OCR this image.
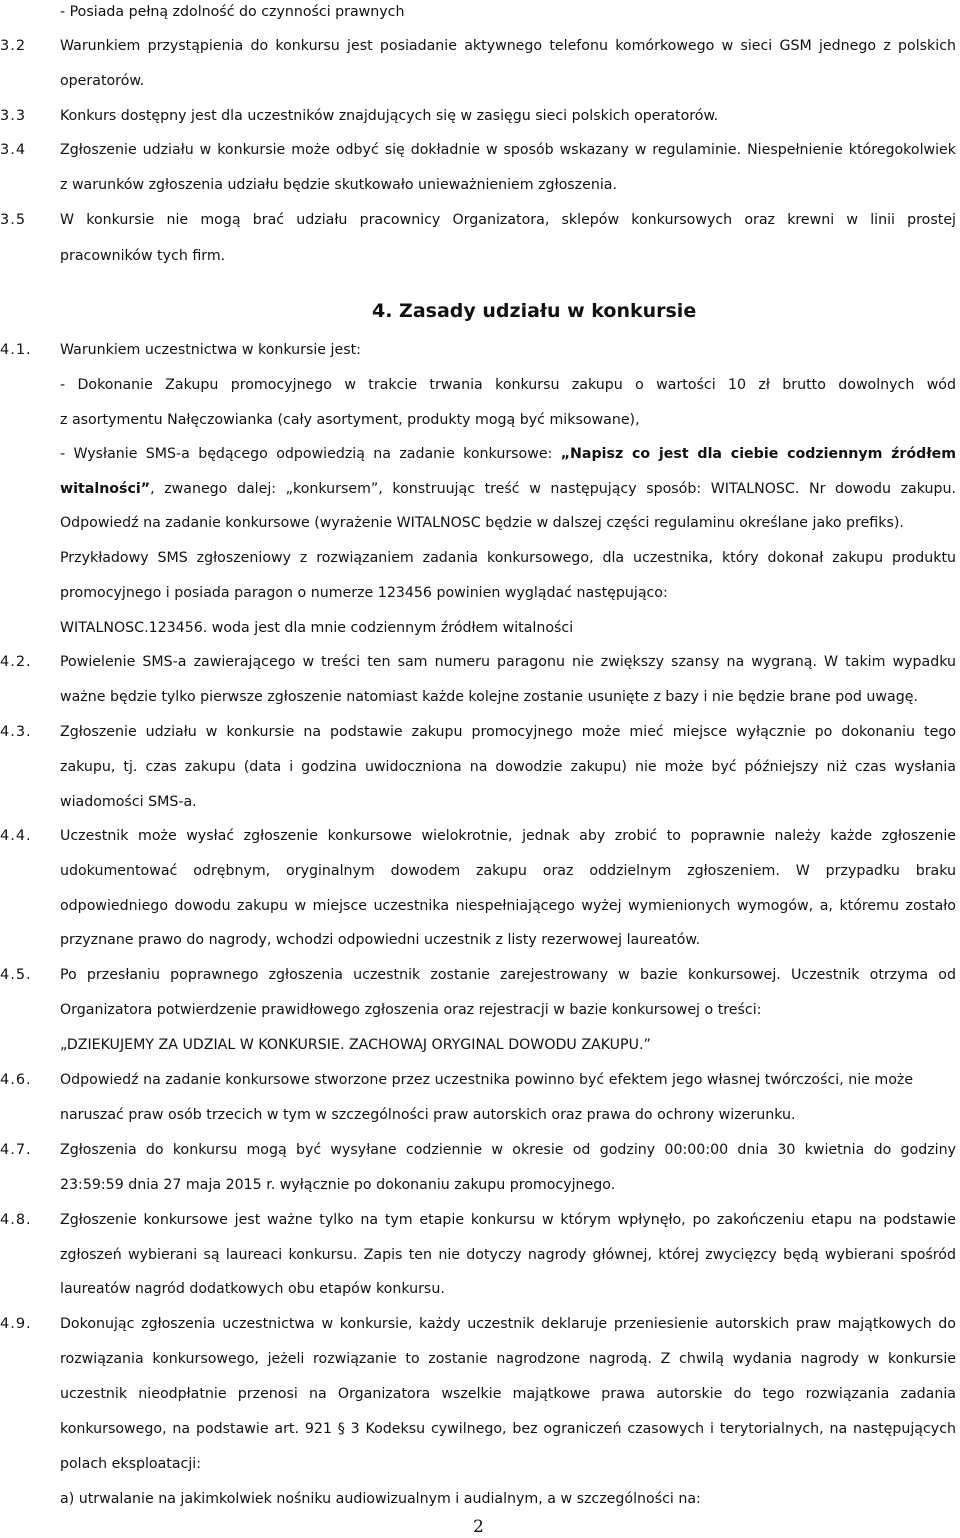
- Posiada pełną zdolność do czynności prawnych
3.2 Warunkiem przystąpienia do konkursu jest posiadanie aktywnego telefonu komórkowego w sieci GSM jednego z polskich
operatorów.
3.3 Konkurs dostępny jest dla uczestników znajdujących się w zasięgu sieci polskich operatorów.
3.4 Zgłoszenie udziału w konkursie może odbyć się dokładnie w sposób wskazany w regulaminie. Niespełnienie któregokolwiek
z warunków zgłoszenia udziału będzie skutkowało unieważnieniem zgłoszenia.
3.5 W konkursie nie mogą brać udziału pracownicy Organizatora, sklepów konkursowych oraz krewni w linii prostej
pracowników tych firm.
4. Zasady udziału w konkursie
4.1. Warunkiem uczestnictwa w konkursie jest:
- Dokonanie Zakupu promocyjnego w trakcie trwania konkursu zakupu o wartości 10 zł brutto dowolnych wód
z asortymentu Nałęczowianka (cały asortyment, produkty mogą być miksowane),
- Wysłanie SMS-a będącego odpowiedzią na zadanie konkursowe: „Napisz co jest dla ciebie codziennym źródłem
witalności”, zwanego dalej: „konkursem”, konstruując treść w następujący sposób: WITALNOSC. Nr dowodu zakupu.
Odpowiedź na zadanie konkursowe (wyrażenie WITALNOSC będzie w dalszej części regulaminu określane jako prefiks).
Przykładowy SMS zgłoszeniowy z rozwiązaniem zadania konkursowego, dla uczestnika, który dokonał zakupu produktu
promocyjnego i posiada paragon o numerze 123456 powinien wyglądać następująco:
WITALNOSC.123456. woda jest dla mnie codziennym źródłem witalności
4.2. Powielenie SMS-a zawierającego w treści ten sam numeru paragonu nie zwiększy szansy na wygraną. W takim wypadku
ważne będzie tylko pierwsze zgłoszenie natomiast każde kolejne zostanie usunięte z bazy i nie będzie brane pod uwagę.
4.3. Zgłoszenie udziału w konkursie na podstawie zakupu promocyjnego może mieć miejsce wyłącznie po dokonaniu tego
zakupu, tj. czas zakupu (data i godzina uwidoczniona na dowodzie zakupu) nie może być późniejszy niż czas wysłania
wiadomości SMS-a.
4.4. Uczestnik może wysłać zgłoszenie konkursowe wielokrotnie, jednak aby zrobić to poprawnie należy każde zgłoszenie
udokumentować odrębnym, oryginalnym dowodem zakupu oraz oddzielnym zgłoszeniem. W przypadku braku
odpowiedniego dowodu zakupu w miejsce uczestnika niespełniającego wyżej wymienionych wymogów, a, któremu zostało
przyznane prawo do nagrody, wchodzi odpowiedni uczestnik z listy rezerwowej laureatów.
4.5. Po przesłaniu poprawnego zgłoszenia uczestnik zostanie zarejestrowany w bazie konkursowej. Uczestnik otrzyma od
Organizatora potwierdzenie prawidłowego zgłoszenia oraz rejestracji w bazie konkursowej o treści:
„DZIEKUJEMY ZA UDZIAL W KONKURSIE. ZACHOWAJ ORYGINAL DOWODU ZAKUPU.”
4.6. Odpowiedź na zadanie konkursowe stworzone przez uczestnika powinno być efektem jego własnej twórczości, nie może
naruszać praw osób trzecich w tym w szczególności praw autorskich oraz prawa do ochrony wizerunku.
4.7. Zgłoszenia do konkursu mogą być wysyłane codziennie w okresie od godziny 00:00:00 dnia 30 kwietnia do godziny
23:59:59 dnia 27 maja 2015 r. wyłącznie po dokonaniu zakupu promocyjnego.
4.8. Zgłoszenie konkursowe jest ważne tylko na tym etapie konkursu w którym wpłynęło, po zakończeniu etapu na podstawie
zgłoszeń wybierani są laureaci konkursu. Zapis ten nie dotyczy nagrody głównej, której zwycięzcy będą wybierani spośród
laureatów nagród dodatkowych obu etapów konkursu.
4.9. Dokonując zgłoszenia uczestnictwa w konkursie, każdy uczestnik deklaruje przeniesienie autorskich praw majątkowych do
rozwiązania konkursowego, jeżeli rozwiązanie to zostanie nagrodzone nagrodą. Z chwilą wydania nagrody w konkursie
uczestnik nieodpłatnie przenosi na Organizatora wszelkie majątkowe prawa autorskie do tego rozwiązania zadania
konkursowego, na podstawie art. 921 § 3 Kodeksu cywilnego, bez ograniczeń czasowych i terytorialnych, na następujących
polach eksploatacji:
a) utrwalanie na jakimkolwiek nośniku audiowizualnym i audialnym, a w szczególności na:
2
